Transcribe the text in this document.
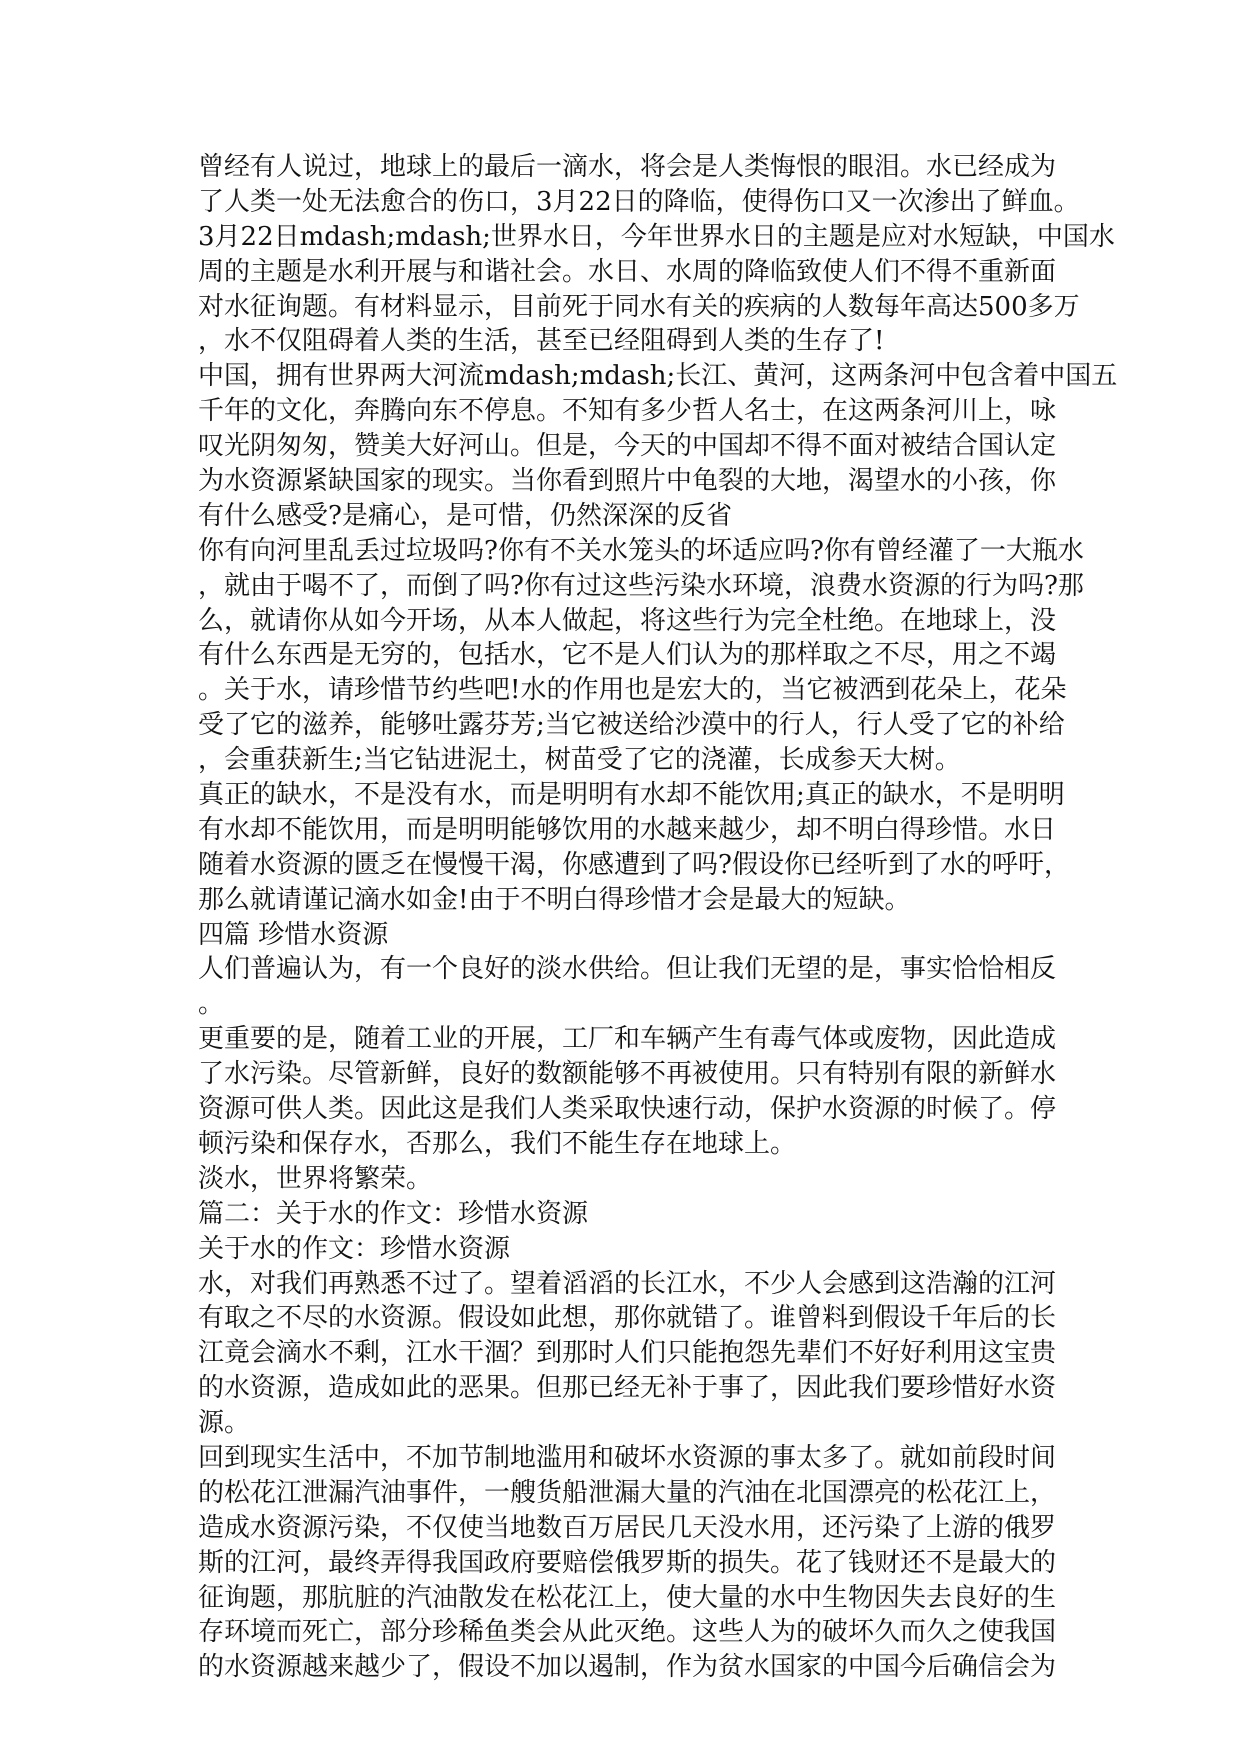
曾经有人说过，地球上的最后一滴水，将会是人类悔恨的眼泪。水已经成为
了人类一处无法愈合的伤口，3月22日的降临，使得伤口又一次渗出了鲜血。
3月22日mdash;mdash;世界水日，今年世界水日的主题是应对水短缺，中国水
周的主题是水利开展与和谐社会。水日、水周的降临致使人们不得不重新面
对水征询题。有材料显示，目前死于同水有关的疾病的人数每年高达500多万
，水不仅阻碍着人类的生活，甚至已经阻碍到人类的生存了!
中国，拥有世界两大河流mdash;mdash;长江、黄河，这两条河中包含着中国五
千年的文化，奔腾向东不停息。不知有多少哲人名士，在这两条河川上，咏
叹光阴匆匆，赞美大好河山。但是，今天的中国却不得不面对被结合国认定
为水资源紧缺国家的现实。当你看到照片中龟裂的大地，渴望水的小孩，你
有什么感受?是痛心，是可惜，仍然深深的反省
你有向河里乱丢过垃圾吗?你有不关水笼头的坏适应吗?你有曾经灌了一大瓶水
，就由于喝不了，而倒了吗?你有过这些污染水环境，浪费水资源的行为吗?那
么，就请你从如今开场，从本人做起，将这些行为完全杜绝。在地球上，没
有什么东西是无穷的，包括水，它不是人们认为的那样取之不尽，用之不竭
。关于水，请珍惜节约些吧!水的作用也是宏大的，当它被洒到花朵上，花朵
受了它的滋养，能够吐露芬芳;当它被送给沙漠中的行人，行人受了它的补给
，会重获新生;当它钻进泥土，树苗受了它的浇灌，长成参天大树。
真正的缺水，不是没有水，而是明明有水却不能饮用;真正的缺水，不是明明
有水却不能饮用，而是明明能够饮用的水越来越少，却不明白得珍惜。水日
随着水资源的匮乏在慢慢干渴，你感遭到了吗?假设你已经听到了水的呼吁，
那么就请谨记滴水如金!由于不明白得珍惜才会是最大的短缺。
四篇 珍惜水资源
人们普遍认为，有一个良好的淡水供给。但让我们无望的是，事实恰恰相反
。
更重要的是，随着工业的开展，工厂和车辆产生有毒气体或废物，因此造成
了水污染。尽管新鲜，良好的数额能够不再被使用。只有特别有限的新鲜水
资源可供人类。因此这是我们人类采取快速行动，保护水资源的时候了。停
顿污染和保存水，否那么，我们不能生存在地球上。
淡水，世界将繁荣。
篇二：关于水的作文：珍惜水资源
关于水的作文：珍惜水资源
水，对我们再熟悉不过了。望着滔滔的长江水，不少人会感到这浩瀚的江河
有取之不尽的水资源。假设如此想，那你就错了。谁曾料到假设千年后的长
江竟会滴水不剩，江水干涸？到那时人们只能抱怨先辈们不好好利用这宝贵
的水资源，造成如此的恶果。但那已经无补于事了，因此我们要珍惜好水资
源。
回到现实生活中，不加节制地滥用和破坏水资源的事太多了。就如前段时间
的松花江泄漏汽油事件，一艘货船泄漏大量的汽油在北国漂亮的松花江上，
造成水资源污染，不仅使当地数百万居民几天没水用，还污染了上游的俄罗
斯的江河，最终弄得我国政府要赔偿俄罗斯的损失。花了钱财还不是最大的
征询题，那肮脏的汽油散发在松花江上，使大量的水中生物因失去良好的生
存环境而死亡，部分珍稀鱼类会从此灭绝。这些人为的破坏久而久之使我国
的水资源越来越少了，假设不加以遏制，作为贫水国家的中国今后确信会为
